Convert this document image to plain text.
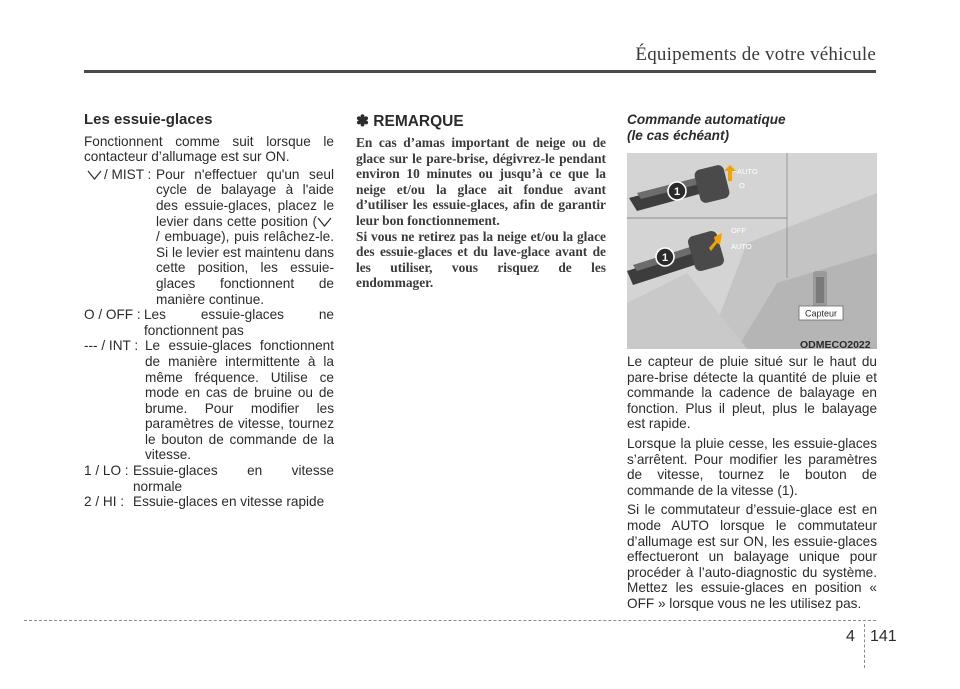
Équipements de votre véhicule
Les essuie-glaces
Fonctionnent comme suit lorsque le contacteur d’allumage est sur ON.
/ MIST : Pour n'effectuer qu'un seul cycle de balayage à l'aide des essuie-glaces, placez le levier dans cette position ( / embuage), puis relâchez-le. Si le levier est maintenu dans cette position, les essuie-glaces fonctionnent de manière continue.
O / OFF : Les essuie-glaces ne fonctionnent pas
--- / INT : Le essuie-glaces fonctionnent de manière intermittente à la même fréquence. Utilise ce mode en cas de bruine ou de brume. Pour modifier les paramètres de vitesse, tournez le bouton de commande de la vitesse.
1 / LO : Essuie-glaces en vitesse normale
2 / HI : Essuie-glaces en vitesse rapide
✽ REMARQUE

En cas d’amas important de neige ou de glace sur le pare-brise, dégivrez-le pendant environ 10 minutes ou jusqu’à ce que la neige et/ou la glace ait fondue avant d’utiliser les essuie-glaces, afin de garantir leur bon fonctionnement.

Si vous ne retirez pas la neige et/ou la glace des essuie-glaces et du lave-glace avant de les utiliser, vous risquez de les endommager.

Commande automatique
(le cas échéant)
1
AUTO
O
1
OFF
AUTO
Capteur
ODMECO2022

Le capteur de pluie situé sur le haut du pare-brise détecte la quantité de pluie et commande la cadence de balayage en fonction. Plus il pleut, plus le balayage est rapide.

Lorsque la pluie cesse, les essuie-glaces s’arrêtent. Pour modifier les paramètres de vitesse, tournez le bouton de commande de la vitesse (1).

Si le commutateur d’essuie-glace est en mode AUTO lorsque le commutateur d’allumage est sur ON, les essuie-glaces effectueront un balayage unique pour procéder à l’auto-diagnostic du système. Mettez les essuie-glaces en position « OFF » lorsque vous ne les utilisez pas.

4 141
